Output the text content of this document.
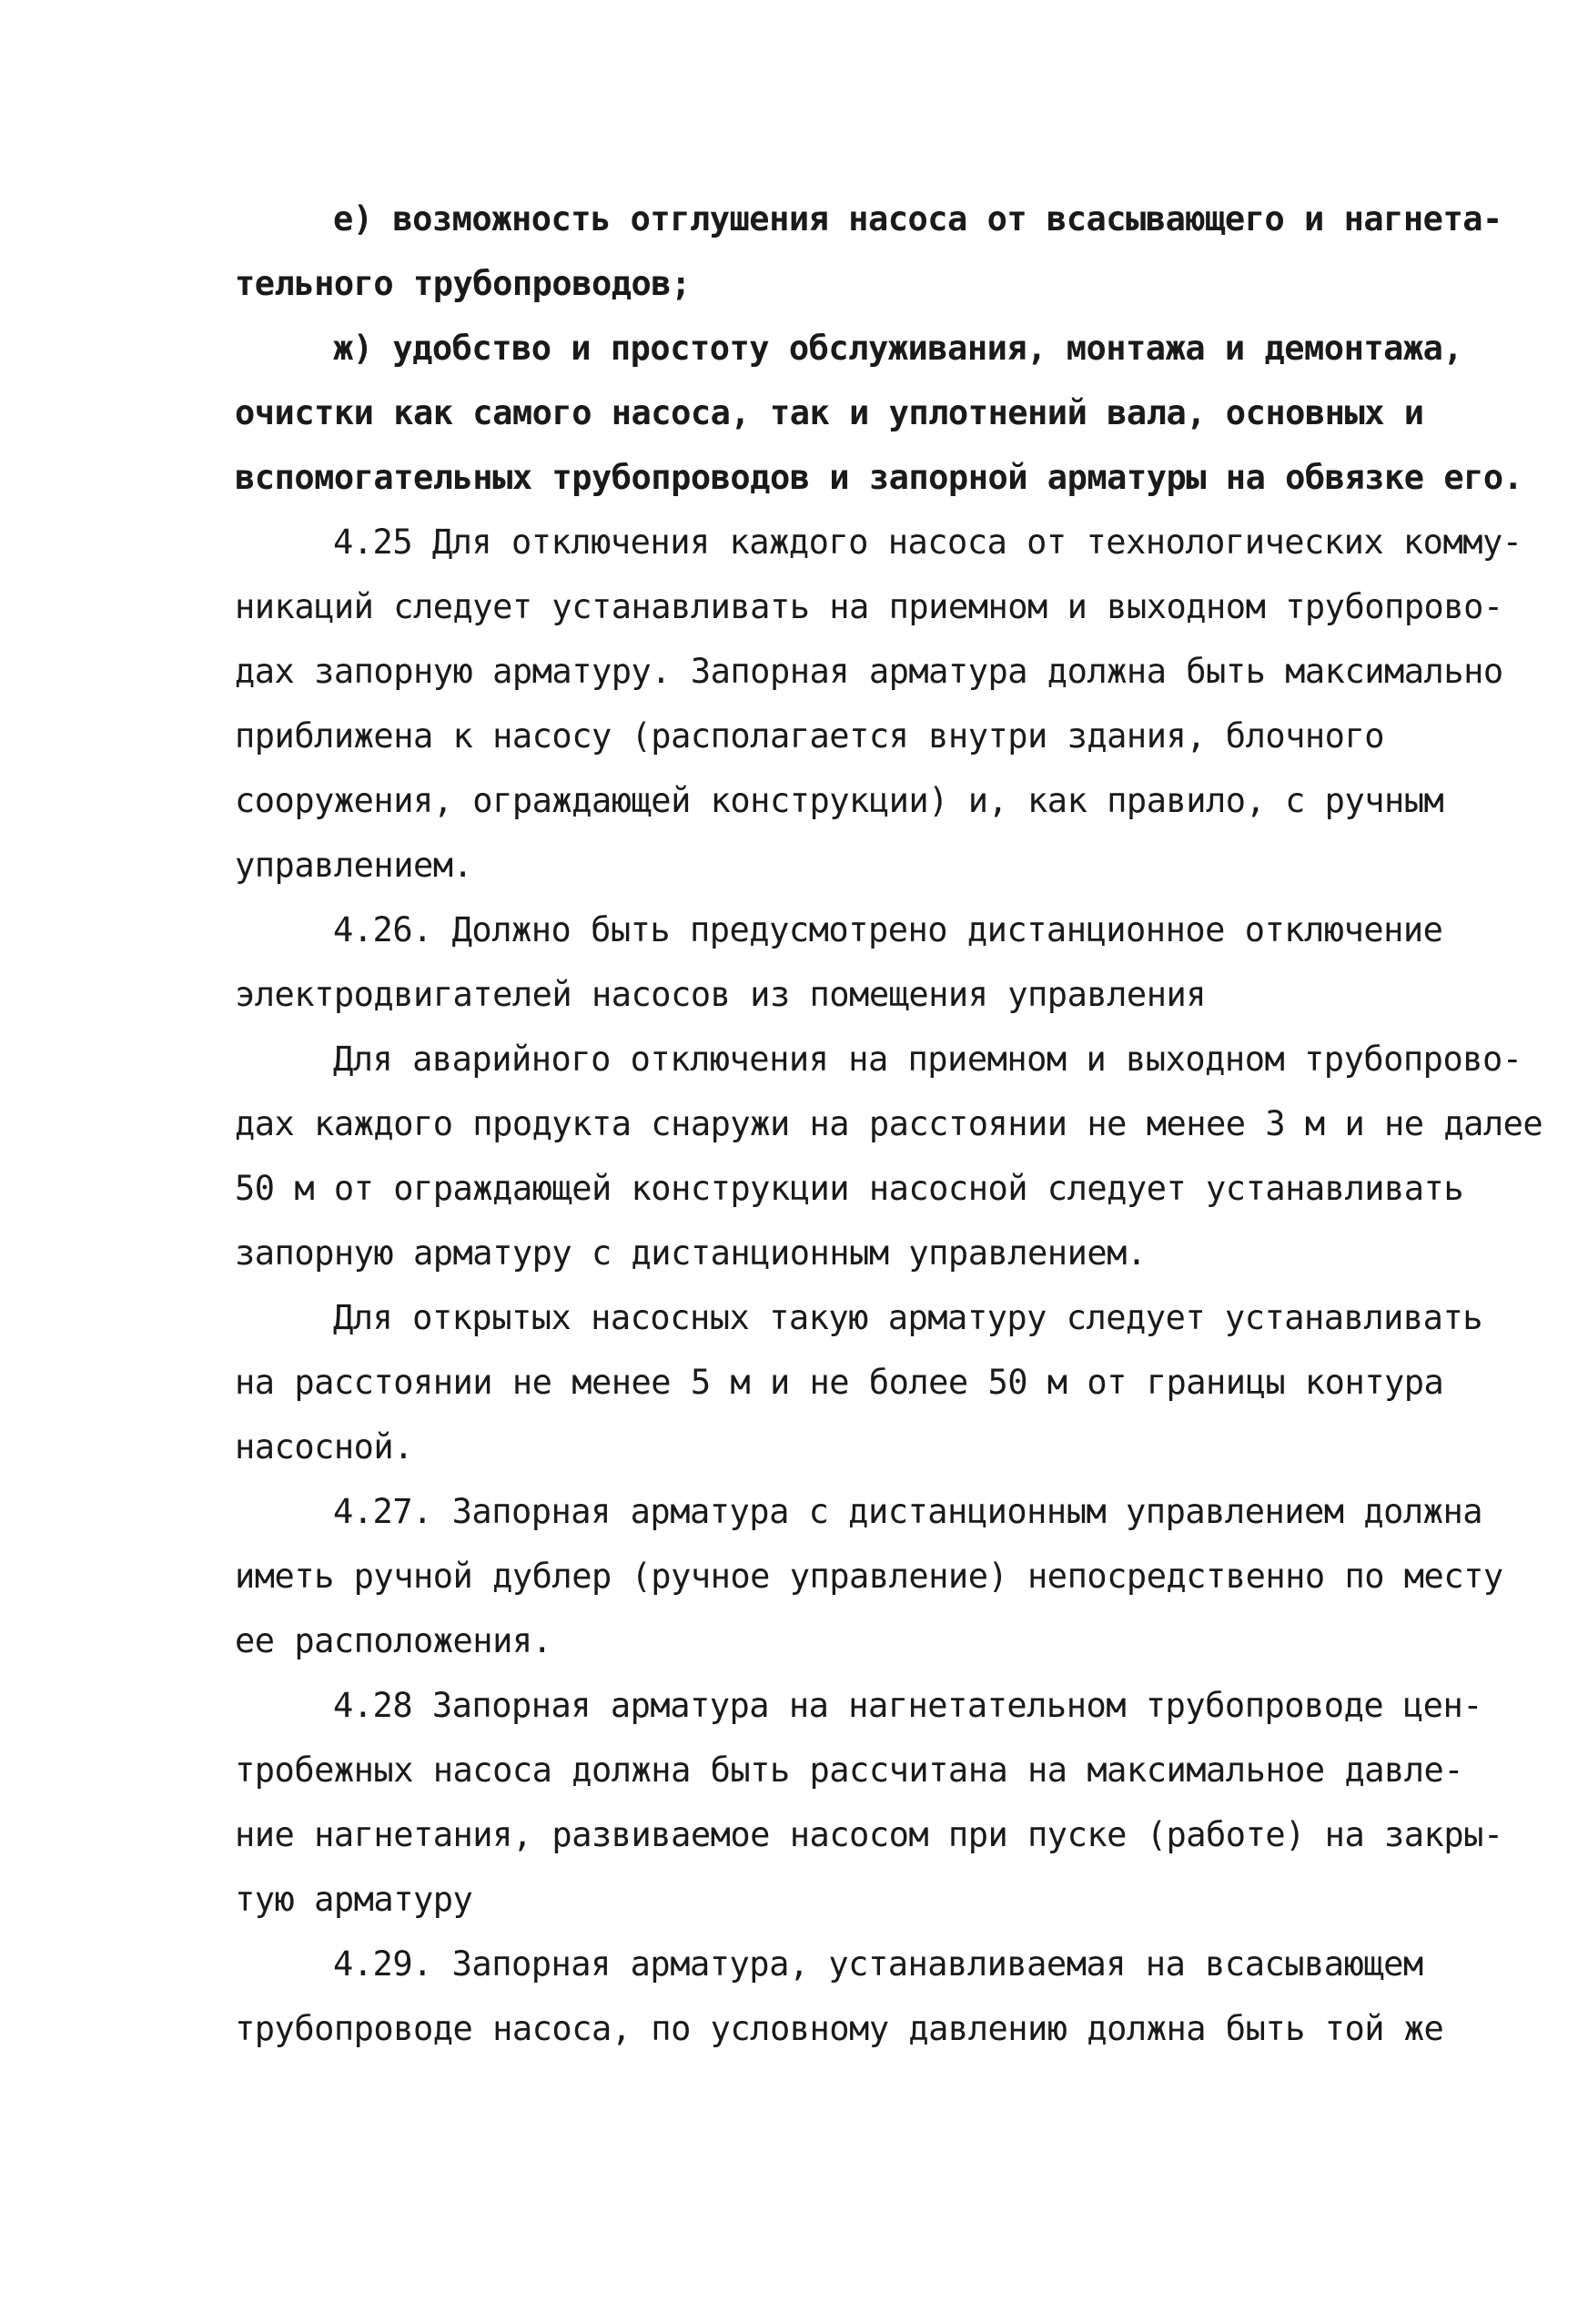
е) возможность отглушения насоса от всасывающего и нагнета-
тельного трубопроводов;
ж) удобство и простоту обслуживания, монтажа и демонтажа,
очистки как самого насоса, так и уплотнений вала, основных и
вспомогательных трубопроводов и запорной арматуры на обвязке его.
4.25 Для отключения каждого насоса от технологических комму-
никаций следует устанавливать на приемном и выходном трубопрово-
дах запорную арматуру. Запорная арматура должна быть максимально
приближена к насосу (располагается внутри здания, блочного
сооружения, ограждающей конструкции) и, как правило, с ручным
управлением.
4.26. Должно быть предусмотрено дистанционное отключение
электродвигателей насосов из помещения управления
Для аварийного отключения на приемном и выходном трубопрово-
дах каждого продукта снаружи на расстоянии не менее 3 м и не далее
50 м от ограждающей конструкции насосной следует устанавливать
запорную арматуру с дистанционным управлением.
Для открытых насосных такую арматуру следует устанавливать
на расстоянии не менее 5 м и не более 50 м от границы контура
насосной.
4.27. Запорная арматура с дистанционным управлением должна
иметь ручной дублер (ручное управление) непосредственно по месту
ее расположения.
4.28 Запорная арматура на нагнетательном трубопроводе цен-
тробежных насоса должна быть рассчитана на максимальное давле-
ние нагнетания, развиваемое насосом при пуске (работе) на закры-
тую арматуру
4.29. Запорная арматура, устанавливаемая на всасывающем
трубопроводе насоса, по условному давлению должна быть той же
